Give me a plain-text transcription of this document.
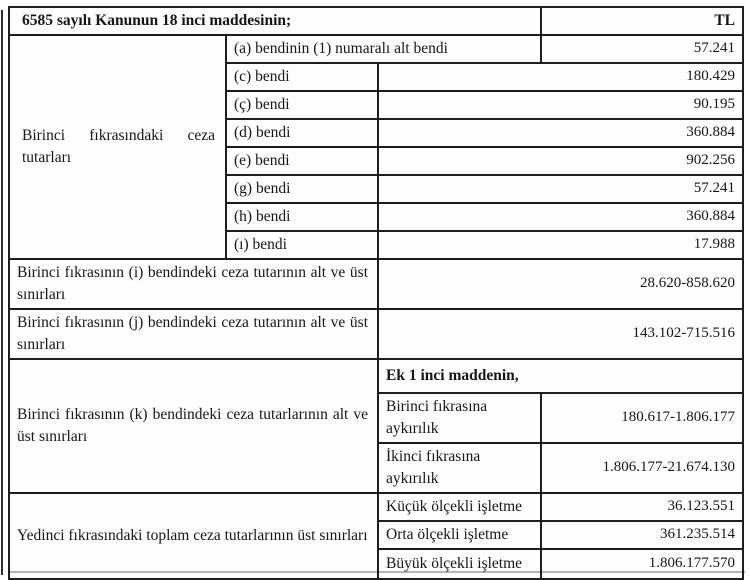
6585 sayılı Kanunun 18 inci maddesinin;			TL
Birinci fıkrasındaki ceza tutarları	(a) bendinin (1) numaralı alt bendi		57.241
	(c) bendi	180.429	
	(ç) bendi	90.195	
	(d) bendi	360.884	
	(e) bendi	902.256	
	(g) bendi	57.241	
	(h) bendi	360.884	
	(ı) bendi	17.988	
Birinci fıkrasının (i) bendindeki ceza tutarının alt ve üst sınırları		28.620-858.620	
Birinci fıkrasının (j) bendindeki ceza tutarının alt ve üst sınırları		143.102-715.516	
Birinci fıkrasının (k) bendindeki ceza tutarlarının alt ve üst sınırları		Ek 1 inci maddenin,	
		Birinci fıkrasına aykırılık	180.617-1.806.177
		İkinci fıkrasına aykırılık	1.806.177-21.674.130
Yedinci fıkrasındaki toplam ceza tutarlarının üst sınırları		Küçük ölçekli işletme	36.123.551
		Orta ölçekli işletme	361.235.514
		Büyük ölçekli işletme	1.806.177.570
